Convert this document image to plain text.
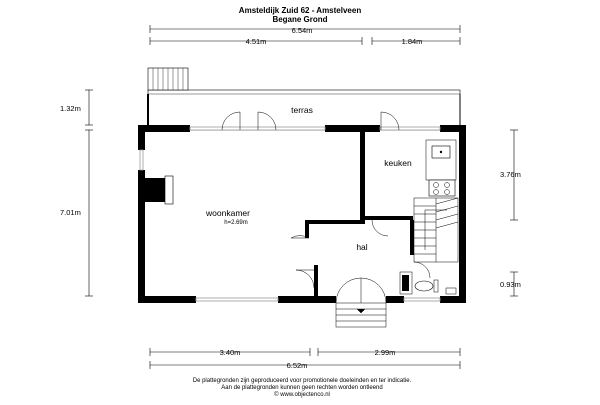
Amsteldijk Zuid 62 - Amstelveen
Begane Grond
6.54m
4.51m	1.84m
1.32m
7.01m
3.76m
0.93m
3.40m	2.99m
6.52m
terras
keuken
woonkamer
h=2.69m
hal
De plattegronden zijn geproduceerd voor promotionele doeleinden en ter indicatie.
Aan de plattegronden kunnen geen rechten worden ontleend
© www.objectenco.nl
